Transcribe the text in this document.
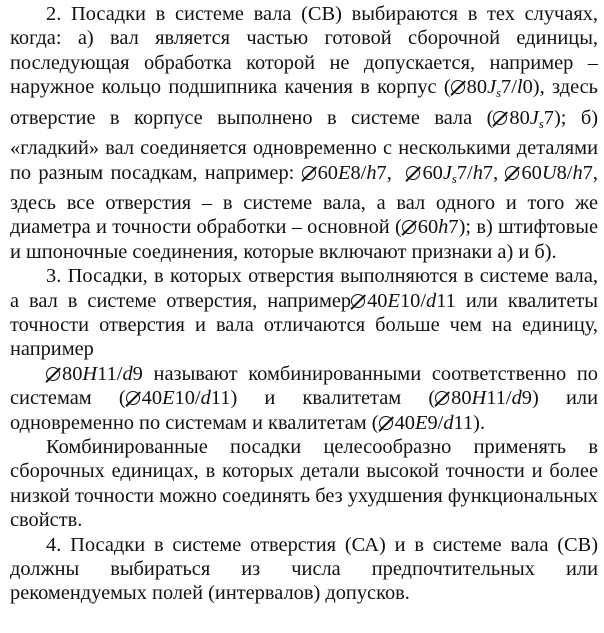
2. Посадки в системе вала (СВ) выбираются в тех случаях, когда: а) вал является частью готовой сборочной единицы, последующая обработка которой не допускается, например – наружное кольцо подшипника качения в корпус ( $80J_s7/l0$), здесь отверстие в корпусе выполнено в системе вала ( $80J_s7$); б) «гладкий» вал соединяется одновременно с несколькими деталями по разным посадкам, например: 60E8/h7, $60J_s7/h7$, 60U8/h7, здесь все отверстия – в системе вала, а вал одного и того же диаметра и точности обработки – основной ( 60h7); в) штифтовые и шпоночные соединения, которые включают признаки а) и б).

3. Посадки, в которых отверстия выполняются в системе вала, а вал в системе отверстия, например 40E10/d11 или квалитеты точности отверстия и вала отличаются больше чем на единицу, например

80H11/d9 называют комбинированными соответственно по системам ( 40E10/d11) и квалитетам ( 80H11/d9) или одновременно по системам и квалитетам ( 40E9/d11).

Комбинированные посадки целесообразно применять в сборочных единицах, в которых детали высокой точности и более низкой точности можно соединять без ухудшения функциональных свойств.

4. Посадки в системе отверстия (СА) и в системе вала (СВ) должны выбираться из числа предпочтительных или рекомендуемых полей (интервалов) допусков.
